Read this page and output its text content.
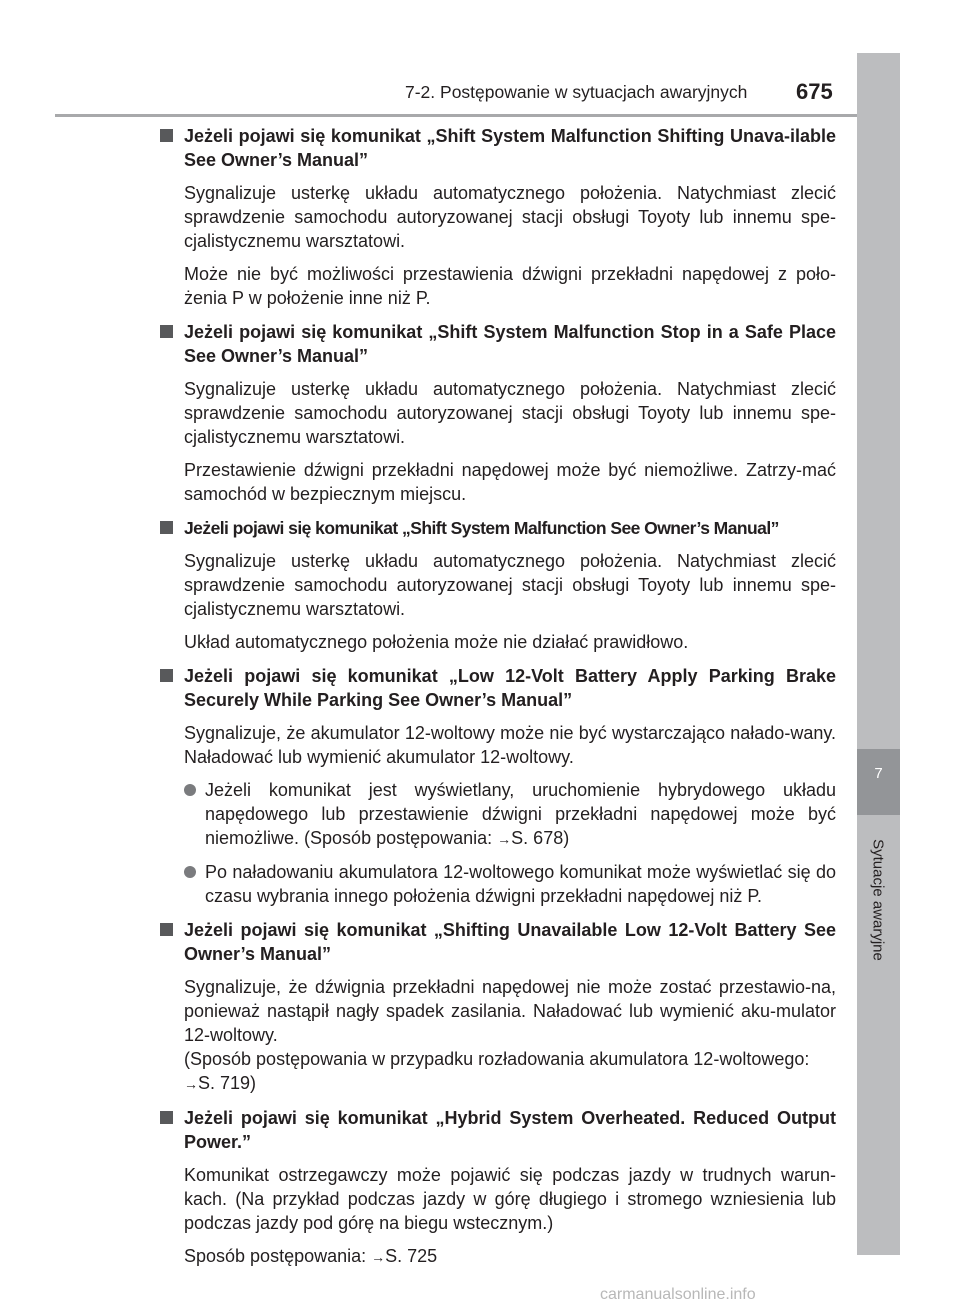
7-2. Postępowanie w sytuacjach awaryjnych	675
7
Sytuacje awaryjne
Jeżeli pojawi się komunikat „Shift System Malfunction Shifting Unava-ilable See Owner’s Manual”
Sygnalizuje usterkę układu automatycznego położenia. Natychmiast zlecić sprawdzenie samochodu autoryzowanej stacji obsługi Toyoty lub innemu spe-cjalistycznemu warsztatowi.
Może nie być możliwości przestawienia dźwigni przekładni napędowej z poło-żenia P w położenie inne niż P.
Jeżeli pojawi się komunikat „Shift System Malfunction Stop in a Safe Place See Owner’s Manual”
Sygnalizuje usterkę układu automatycznego położenia. Natychmiast zlecić sprawdzenie samochodu autoryzowanej stacji obsługi Toyoty lub innemu spe-cjalistycznemu warsztatowi.
Przestawienie dźwigni przekładni napędowej może być niemożliwe. Zatrzy-mać samochód w bezpiecznym miejscu.
Jeżeli pojawi się komunikat „Shift System Malfunction See Owner’s Manual”
Sygnalizuje usterkę układu automatycznego położenia. Natychmiast zlecić sprawdzenie samochodu autoryzowanej stacji obsługi Toyoty lub innemu spe-cjalistycznemu warsztatowi.
Układ automatycznego położenia może nie działać prawidłowo.
Jeżeli pojawi się komunikat „Low 12-Volt Battery Apply Parking Brake Securely While Parking See Owner’s Manual”
Sygnalizuje, że akumulator 12-woltowy może nie być wystarczająco nałado-wany. Naładować lub wymienić akumulator 12-woltowy.
Jeżeli komunikat jest wyświetlany, uruchomienie hybrydowego układu napędowego lub przestawienie dźwigni przekładni napędowej może być niemożliwe. (Sposób postępowania: →S. 678)
Po naładowaniu akumulatora 12-woltowego komunikat może wyświetlać się do czasu wybrania innego położenia dźwigni przekładni napędowej niż P.
Jeżeli pojawi się komunikat „Shifting Unavailable Low 12-Volt Battery See Owner’s Manual”
Sygnalizuje, że dźwignia przekładni napędowej nie może zostać przestawio-na, ponieważ nastąpił nagły spadek zasilania. Naładować lub wymienić aku-mulator 12-woltowy.
(Sposób postępowania w przypadku rozładowania akumulatora 12-woltowego:
→S. 719)
Jeżeli pojawi się komunikat „Hybrid System Overheated. Reduced Output Power.”
Komunikat ostrzegawczy może pojawić się podczas jazdy w trudnych warun-kach. (Na przykład podczas jazdy w górę długiego i stromego wzniesienia lub podczas jazdy pod górę na biegu wstecznym.)
Sposób postępowania: →S. 725
carmanualsonline.info
